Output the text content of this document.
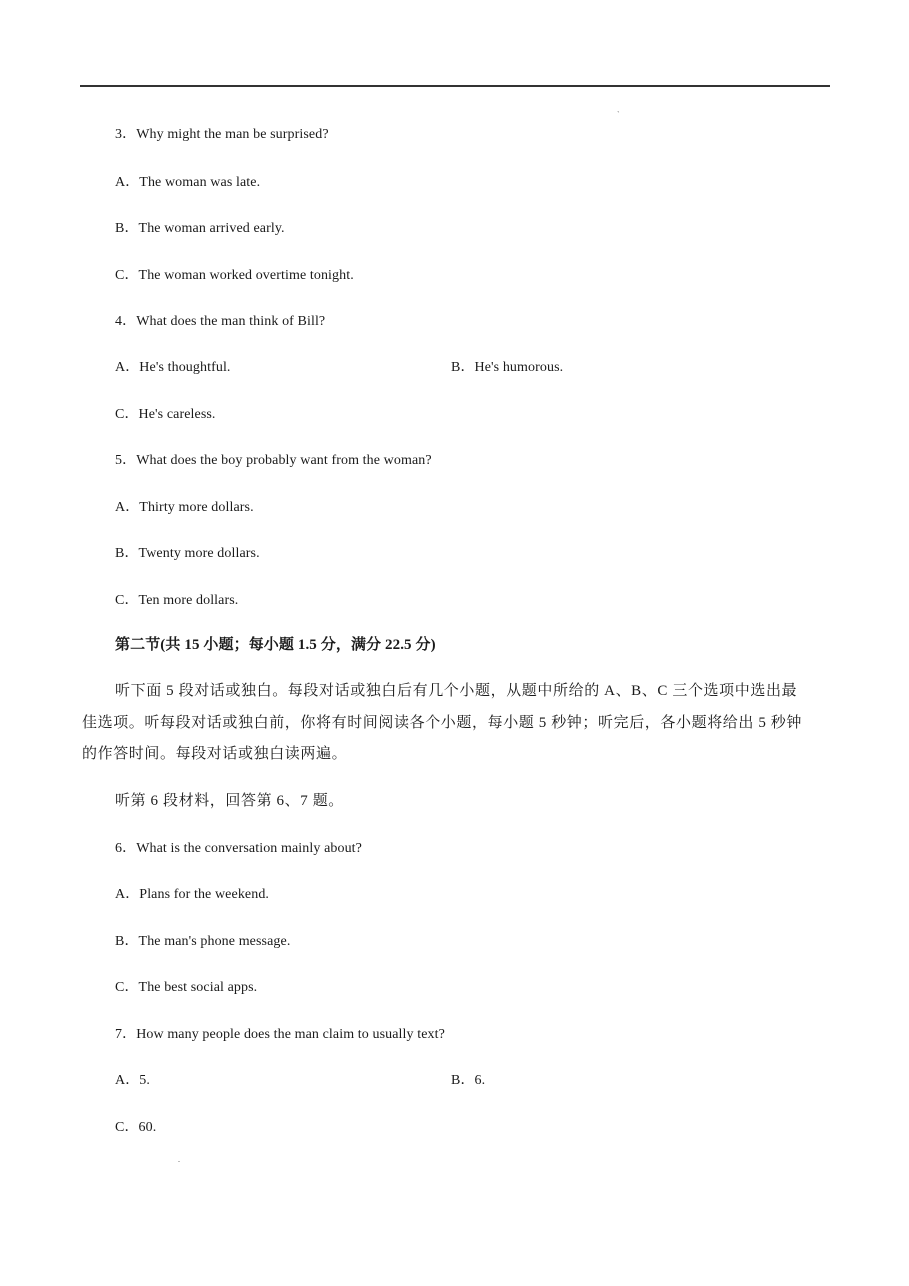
`
3．Why might the man be surprised?
A．The woman was late.
B．The woman arrived early.
C．The woman worked overtime tonight.
4．What does the man think of Bill?
A．He's thoughtful.	B．He's humorous.
C．He's careless.
5．What does the boy probably want from the woman?
A．Thirty more dollars.
B．Twenty more dollars.
C．Ten more dollars.
第二节(共 15 小题；每小题 1.5 分，满分 22.5 分)
听下面 5 段对话或独白。每段对话或独白后有几个小题，从题中所给的 A、B、C 三个选项中选出最
佳选项。听每段对话或独白前，你将有时间阅读各个小题，每小题 5 秒钟；听完后，各小题将给出 5 秒钟
的作答时间。每段对话或独白读两遍。
听第 6 段材料，回答第 6、7 题。
6．What is the conversation mainly about?
A．Plans for the weekend.
B．The man's phone message.
C．The best social apps.
7．How many people does the man claim to usually text?
A．5.	B．6.
C．60.
.
